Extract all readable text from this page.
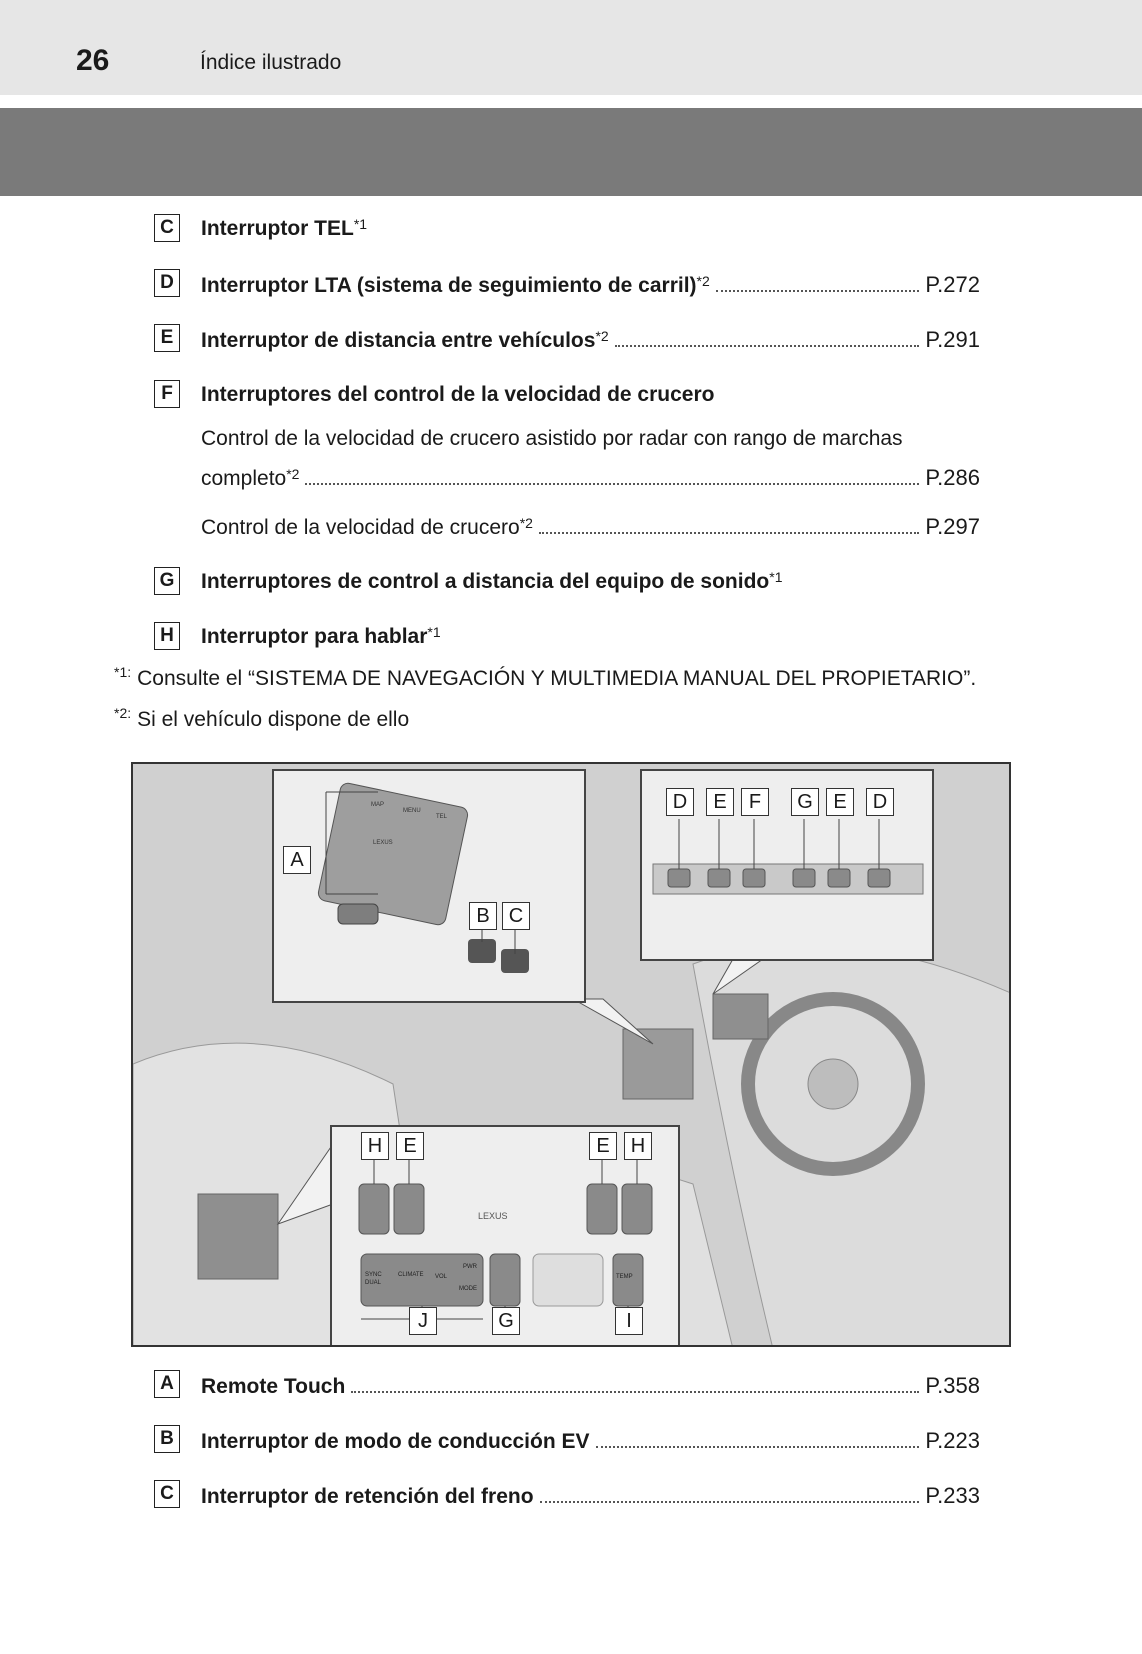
26	Índice ilustrado
C Interruptor TEL$^{*1}$
D Interruptor LTA (sistema de seguimiento de carril)$^{*2}$	P.272
E	Interruptor de distancia entre vehículos$^{*2}$	P.291
F	Interruptores del control de la velocidad de crucero
Control de la velocidad de crucero asistido por radar con rango de marchas
completo$^{*2}$	P.286
Control de la velocidad de crucero$^{*2}$	P.297
G Interruptores de control a distancia del equipo de sonido$^{*1}$
H Interruptor para hablar$^{*1}$
$^{*1:}$ Consulte el “SISTEMA DE NAVEGACIÓN Y MULTIMEDIA MANUAL DEL PROPIETARIO”.
$^{*2:}$ Si el vehículo dispone de ello
LEXUS
LEXUS
A
B C
D	E	F	G	E	D
H	E	E	H
J	G	I
MAP
MENU
TEL
SYNC
DUAL
PWR
MODE
TEMP
CLIMATE VOL
A Remote Touch	P.358
B Interruptor de modo de conducción EV	P.223
C Interruptor de retención del freno	P.233
